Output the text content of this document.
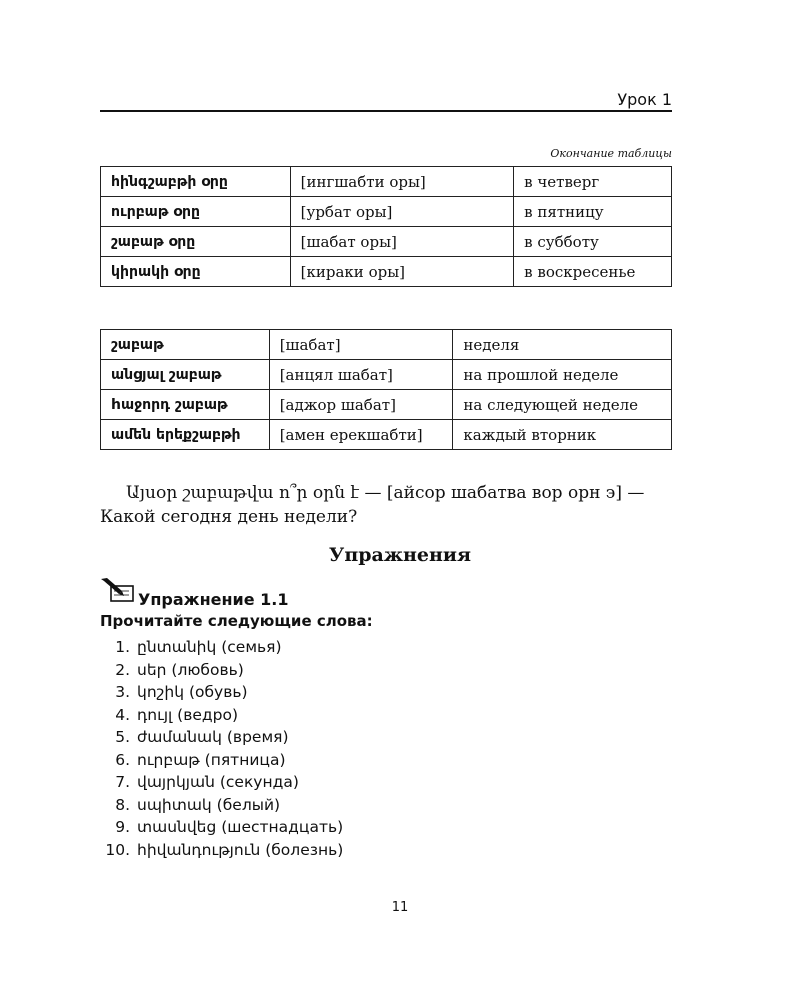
Урок 1
Окончание таблицы
հինգշաբթի օրը	[ингшабти оры]	в четверг
ուրբաթ օրը	[урбат оры]	в пятницу
շաբաթ օրը	[шабат оры]	в субботу
կիրակի օրը	[кираки оры]	в воскресенье
շաբաթ	[шабат]	неделя
անցյալ շաբաթ	[анцял шабат]	на прошлой неделе
hաջորդ շաբաթ	[аджор шабат]	на следующей неделе
ամեն երեքշաբթի	[амен ерекшабти]	каждый вторник
Այսօր շաբաթվա ո՞ր օրն է — [айсор шабатва вор орн э] —
Какой сегодня день недели?
Упражнения
Упражнение 1.1
Прочитайте следующие слова:
1. ընտանիկ (семья)
2. սեր (любовь)
3. կոշիկ (обувь)
4. դույլ (ведро)
5. ժամանակ (время)
6. ուրբաթ (пятница)
7. վայրկյան (секунда)
8. սպիտակ (белый)
9. տասնվեց (шестнадцать)
10. հիվանդություն (болезнь)
11
